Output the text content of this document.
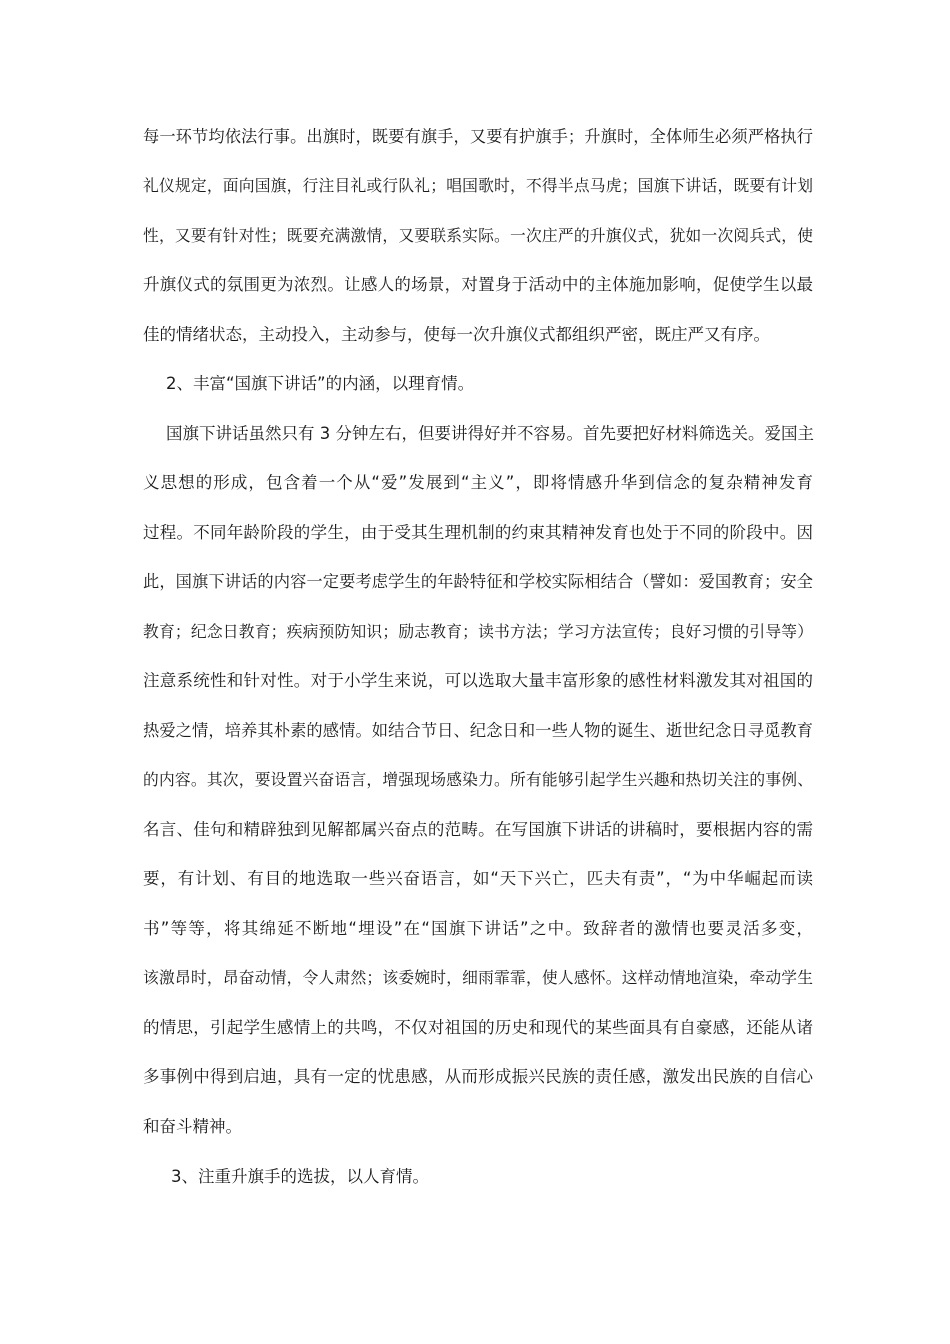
每一环节均依法行事。出旗时，既要有旗手，又要有护旗手；升旗时，全体师生必须严格执行
礼仪规定，面向国旗，行注目礼或行队礼；唱国歌时，不得半点马虎；国旗下讲话，既要有计划
性，又要有针对性；既要充满激情，又要联系实际。一次庄严的升旗仪式，犹如一次阅兵式，使
升旗仪式的氛围更为浓烈。让感人的场景，对置身于活动中的主体施加影响，促使学生以最
佳的情绪状态，主动投入，主动参与，使每一次升旗仪式都组织严密，既庄严又有序。
2、丰富“国旗下讲话”的内涵，以理育情。
国旗下讲话虽然只有 3 分钟左右，但要讲得好并不容易。首先要把好材料筛选关。爱国主
义思想的形成，包含着一个从“爱”发展到“主义”，即将情感升华到信念的复杂精神发育
过程。不同年龄阶段的学生，由于受其生理机制的约束其精神发育也处于不同的阶段中。因
此，国旗下讲话的内容一定要考虑学生的年龄特征和学校实际相结合（譬如：爱国教育；安全
教育；纪念日教育；疾病预防知识；励志教育；读书方法；学习方法宣传；良好习惯的引导等）
注意系统性和针对性。对于小学生来说，可以选取大量丰富形象的感性材料激发其对祖国的
热爱之情，培养其朴素的感情。如结合节日、纪念日和一些人物的诞生、逝世纪念日寻觅教育
的内容。其次，要设置兴奋语言，增强现场感染力。所有能够引起学生兴趣和热切关注的事例、
名言、佳句和精辟独到见解都属兴奋点的范畴。在写国旗下讲话的讲稿时，要根据内容的需
要，有计划、有目的地选取一些兴奋语言，如“天下兴亡，匹夫有责”，“为中华崛起而读
书”等等，将其绵延不断地“埋设”在“国旗下讲话”之中。致辞者的激情也要灵活多变，
该激昂时，昂奋动情，令人肃然；该委婉时，细雨霏霏，使人感怀。这样动情地渲染，牵动学生
的情思，引起学生感情上的共鸣，不仅对祖国的历史和现代的某些面具有自豪感，还能从诸
多事例中得到启迪，具有一定的忧患感，从而形成振兴民族的责任感，激发出民族的自信心
和奋斗精神。
3、注重升旗手的选拔，以人育情。
